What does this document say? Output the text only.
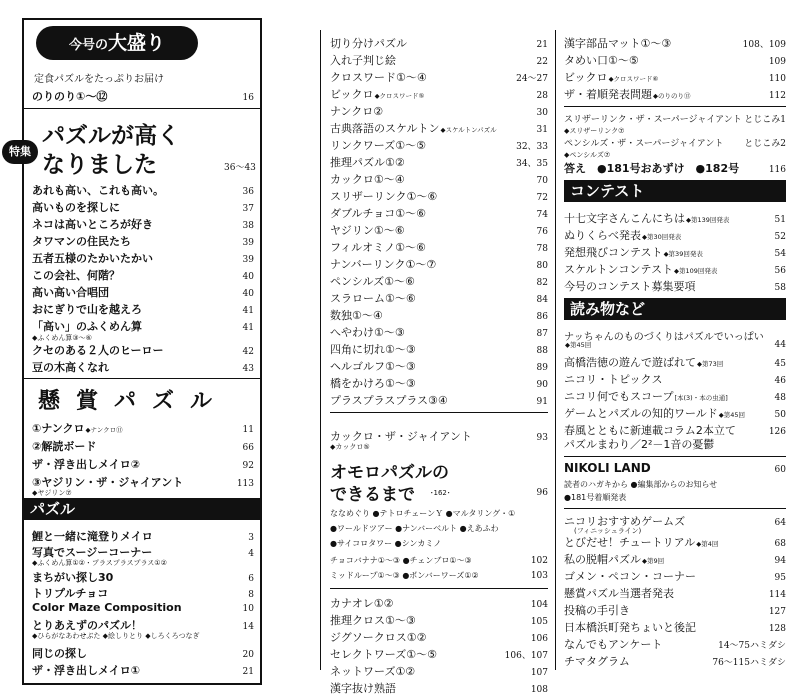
今号の大盛り
定食パズルをたっぷりお届け
のりのり①～⑫	16
特集
パズルが高く
なりました	36～43
あれも高い、これも高い。	36
高いものを探しに	37
ネコは高いところが好き	38
タワマンの住民たち	39
五者五様のたかいたかい	39
この会社、何階？	40
高い高い合唱団	40
おにぎりで山を越えろ	41
「高い」のふくめん算	41
◆ふくめん算③～⑥
クセのある２人のヒーロー	42
豆の木高くなれ	43
懸賞パズル
①ナンクロ ◆ナンクロ⑪	11
②解読ボード	66
ザ・浮き出しメイロ②	92
③ヤジリン・ザ・ジャイアント	113
◆ヤジリン⑦
パズル
鯉と一緒に滝登りメイロ	3
写真でスージーコーナー	4
◆ふくめん算①②・プラスプラスプラス①②
まちがい探し30	6
トリプルチョコ	8
Color Maze Composition	10
とりあえずのパズル！	14
◆ひらがなあわせぶた ◆絵しりとり ◆しろくろつなぎ
同じの探し	20
ザ・浮き出しメイロ①	21
切り分けパズル	21
入れ子判じ絵	22
クロスワード①～④	24～27
ビックロ ◆クロスワード⑤	28
ナンクロ②	30
古典落語のスケルトン ◆スケルトンパズル	31
リンクワーズ①～⑤	32、33
推理パズル①②	34、35
カックロ①～④	70
スリザーリンク①～⑥	72
ダブルチョコ①～⑥	74
ヤジリン①～⑥	76
フィルオミノ①～⑥	78
ナンバーリンク①～⑦	80
ペンシルズ①～⑥	82
スラローム①～⑥	84
数独①～④	86
へやわけ①～③	87
四角に切れ①～③	88
ヘルゴルフ①～③	89
橋をかけろ①～③	90
プラスプラスプラス③④	91
カックロ・ザ・ジャイアント	93
◆カックロ⑤
オモロパズルの
できるまで ･162･	96
ななめぐり ●テトロチェーンＹ ●マルタリング・①
●ワールドツアー ●ナンバーベルト ●えあふわ
●サイコロタワー ●シンカミノ
チョコバナナ①～③ ●チェンブロ①～③	102
ミッドループ①～③ ●ボンバーワーズ①②	103
カナオレ①②	104
推理クロス①～③	105
ジグソークロス①②	106
セレクトワーズ①～⑤	106、107
ネットワーズ①②	107
漢字抜け熟語	108
漢字部品マット①～③	108、109
タめい口①～⑤	109
ビックロ ◆クロスワード⑥	110
ザ・着順発表問題 ◆のりのり⑬	112
スリザーリンク・ザ・スーパージャイアント とじこみ1
◆スリザーリンク⑦
ペンシルズ・ザ・スーパージャイアント とじこみ2
◆ペンシルズ⑦
答え　●181号おあずけ　●182号	116
コンテスト
十七文字さんこんにちは ◆第139回発表	51
ぬりくらべ発表 ◆第30回発表	52
発想飛びコンテスト ◆第39回発表	54
スケルトンコンテスト ◆第109回発表	56
今号のコンテスト募集要項	58
読み物など
ナッちゃんのものづくりはパズルでいっぱい
◆第45回	44
高橋浩徳の遊んで遊ばれて ◆第73回	45
ニコリ・トピックス	46
ニコリ何でもスコープ [本(3)・本の虫通]	48
ゲームとパズルの知的ワールド ◆第45回	50
春風とともに新連載コラム2本立て	126
パズルまわり／2²－1音の憂鬱
NIKOLI LAND	60
読者のハガキから ●編集部からのお知らせ
●181号着順発表
ニコリおすすめゲームズ	64
(フィニッシュライン)
とびだせ！チュートリアル ◆第4回	68
私の脱帽パズル ◆第9回	94
ゴメン・ペコン・コーナー	95
懸賞パズル当選者発表	114
投稿の手引き	127
日本橋浜町発ちょいと後記	128
なんでもアンケート	14～75ハミダシ
チマタグラム	76～115ハミダシ
